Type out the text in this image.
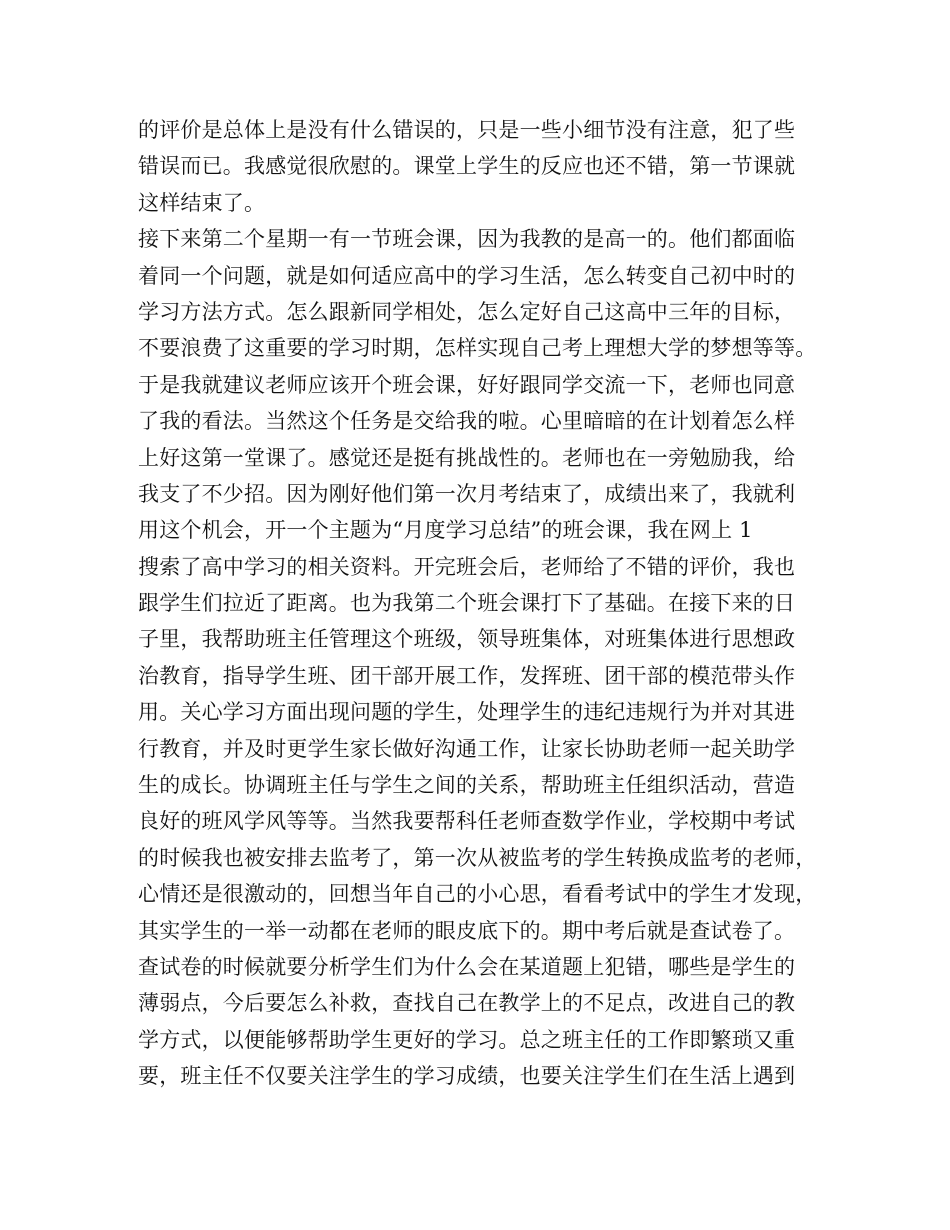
的评价是总体上是没有什么错误的，只是一些小细节没有注意，犯了些
错误而已。我感觉很欣慰的。课堂上学生的反应也还不错，第一节课就
这样结束了。
接下来第二个星期一有一节班会课，因为我教的是高一的。他们都面临
着同一个问题，就是如何适应高中的学习生活，怎么转变自己初中时的
学习方法方式。怎么跟新同学相处，怎么定好自己这高中三年的目标，
不要浪费了这重要的学习时期，怎样实现自己考上理想大学的梦想等等。
于是我就建议老师应该开个班会课，好好跟同学交流一下，老师也同意
了我的看法。当然这个任务是交给我的啦。心里暗暗的在计划着怎么样
上好这第一堂课了。感觉还是挺有挑战性的。老师也在一旁勉励我，给
我支了不少招。因为刚好他们第一次月考结束了，成绩出来了，我就利
用这个机会，开一个主题为“月度学习总结”的班会课，我在网上 1
搜索了高中学习的相关资料。开完班会后，老师给了不错的评价，我也
跟学生们拉近了距离。也为我第二个班会课打下了基础。在接下来的日
子里，我帮助班主任管理这个班级，领导班集体，对班集体进行思想政
治教育，指导学生班、团干部开展工作，发挥班、团干部的模范带头作
用。关心学习方面出现问题的学生，处理学生的违纪违规行为并对其进
行教育，并及时更学生家长做好沟通工作，让家长协助老师一起关助学
生的成长。协调班主任与学生之间的关系，帮助班主任组织活动，营造
良好的班风学风等等。当然我要帮科任老师查数学作业，学校期中考试
的时候我也被安排去监考了，第一次从被监考的学生转换成监考的老师，
心情还是很激动的，回想当年自己的小心思，看看考试中的学生才发现，
其实学生的一举一动都在老师的眼皮底下的。期中考后就是查试卷了。
查试卷的时候就要分析学生们为什么会在某道题上犯错，哪些是学生的
薄弱点，今后要怎么补救，查找自己在教学上的不足点，改进自己的教
学方式，以便能够帮助学生更好的学习。总之班主任的工作即繁琐又重
要，班主任不仅要关注学生的学习成绩，也要关注学生们在生活上遇到
